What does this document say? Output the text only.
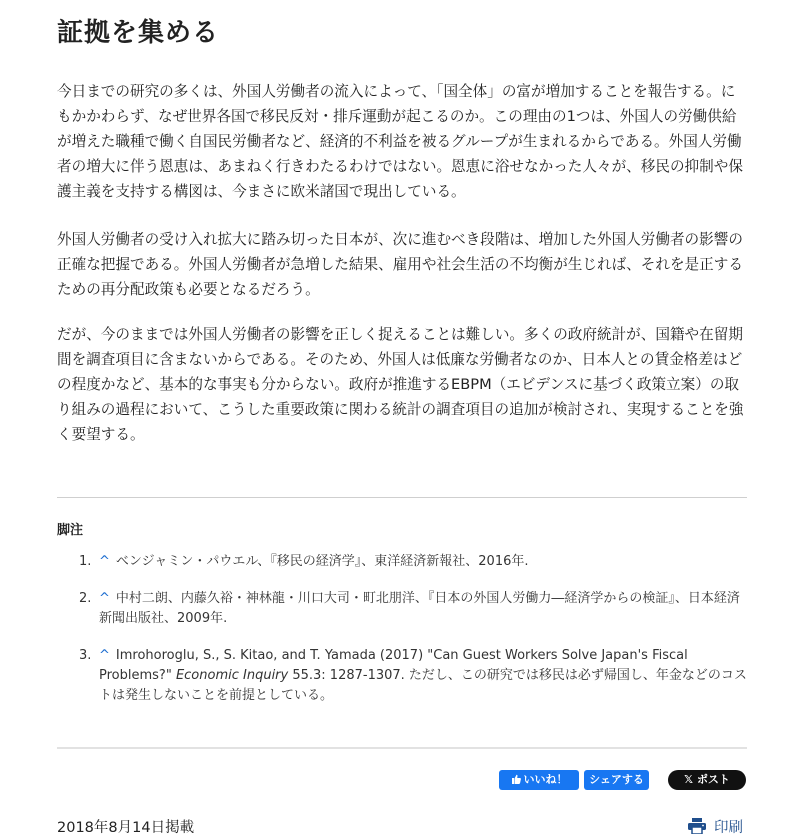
証拠を集める

今日までの研究の多くは、外国人労働者の流入によって、「国全体」の富が増加することを報告する。にもかかわらず、なぜ世界各国で移民反対・排斥運動が起こるのか。この理由の1つは、外国人の労働供給が増えた職種で働く自国民労働者など、経済的不利益を被るグループが生まれるからである。外国人労働者の増大に伴う恩恵は、あまねく行きわたるわけではない。恩恵に浴せなかった人々が、移民の抑制や保護主義を支持する構図は、今まさに欧米諸国で現出している。

外国人労働者の受け入れ拡大に踏み切った日本が、次に進むべき段階は、増加した外国人労働者の影響の正確な把握である。外国人労働者が急増した結果、雇用や社会生活の不均衡が生じれば、それを是正するための再分配政策も必要となるだろう。

だが、今のままでは外国人労働者の影響を正しく捉えることは難しい。多くの政府統計が、国籍や在留期間を調査項目に含まないからである。そのため、外国人は低廉な労働者なのか、日本人との賃金格差はどの程度かなど、基本的な事実も分からない。政府が推進するEBPM（エビデンスに基づく政策立案）の取り組みの過程において、こうした重要政策に関わる統計の調査項目の追加が検討され、実現することを強く要望する。

脚注
1. ^ ベンジャミン・パウエル、『移民の経済学』、東洋経済新報社、2016年.
2. ^ 中村二朗、内藤久裕・神林龍・川口大司・町北朋洋、『日本の外国人労働力―経済学からの検証』、日本経済新聞出版社、2009年.
3. ^ Imrohoroglu, S., S. Kitao, and T. Yamada (2017) "Can Guest Workers Solve Japan's Fiscal Problems?" Economic Inquiry 55.3: 1287-1307. ただし、この研究では移民は必ず帰国し、年金などのコストは発生しないことを前提としている。
いいね！	シェアする	𝕏 ポスト
2018年8月14日掲載	印刷
